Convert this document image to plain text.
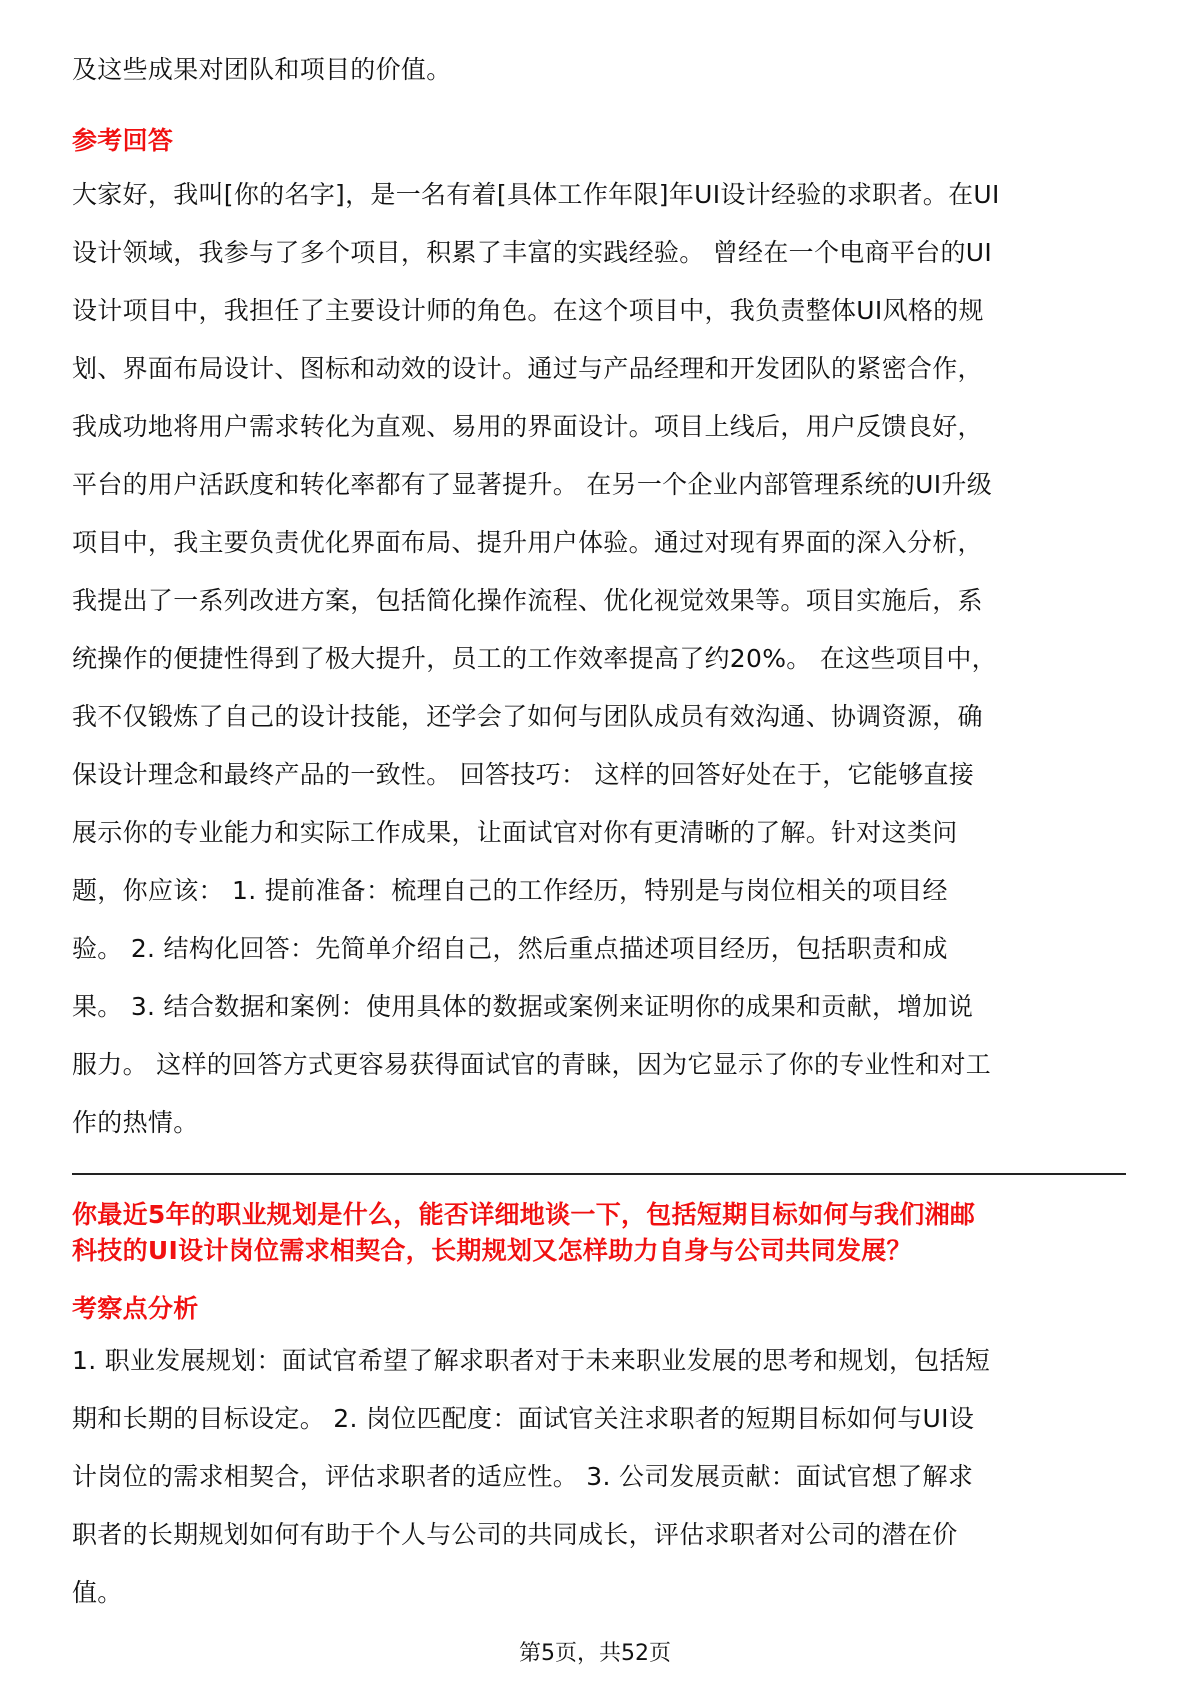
及这些成果对团队和项目的价值。
参考回答
大家好，我叫[你的名字]，是一名有着[具体工作年限]年UI设计经验的求职者。在UI
设计领域，我参与了多个项目，积累了丰富的实践经验。 曾经在一个电商平台的UI
设计项目中，我担任了主要设计师的角色。在这个项目中，我负责整体UI风格的规
划、界面布局设计、图标和动效的设计。通过与产品经理和开发团队的紧密合作，
我成功地将用户需求转化为直观、易用的界面设计。项目上线后，用户反馈良好，
平台的用户活跃度和转化率都有了显著提升。 在另一个企业内部管理系统的UI升级
项目中，我主要负责优化界面布局、提升用户体验。通过对现有界面的深入分析，
我提出了一系列改进方案，包括简化操作流程、优化视觉效果等。项目实施后，系
统操作的便捷性得到了极大提升，员工的工作效率提高了约20%。 在这些项目中，
我不仅锻炼了自己的设计技能，还学会了如何与团队成员有效沟通、协调资源，确
保设计理念和最终产品的一致性。 回答技巧： 这样的回答好处在于，它能够直接
展示你的专业能力和实际工作成果，让面试官对你有更清晰的了解。针对这类问
题，你应该： 1. 提前准备：梳理自己的工作经历，特别是与岗位相关的项目经
验。 2. 结构化回答：先简单介绍自己，然后重点描述项目经历，包括职责和成
果。 3. 结合数据和案例：使用具体的数据或案例来证明你的成果和贡献，增加说
服力。 这样的回答方式更容易获得面试官的青睐，因为它显示了你的专业性和对工
作的热情。
你最近5年的职业规划是什么，能否详细地谈一下，包括短期目标如何与我们湘邮
科技的UI设计岗位需求相契合，长期规划又怎样助力自身与公司共同发展？
考察点分析
1. 职业发展规划：面试官希望了解求职者对于未来职业发展的思考和规划，包括短
期和长期的目标设定。 2. 岗位匹配度：面试官关注求职者的短期目标如何与UI设
计岗位的需求相契合，评估求职者的适应性。 3. 公司发展贡献：面试官想了解求
职者的长期规划如何有助于个人与公司的共同成长，评估求职者对公司的潜在价
值。
第5页，共52页
